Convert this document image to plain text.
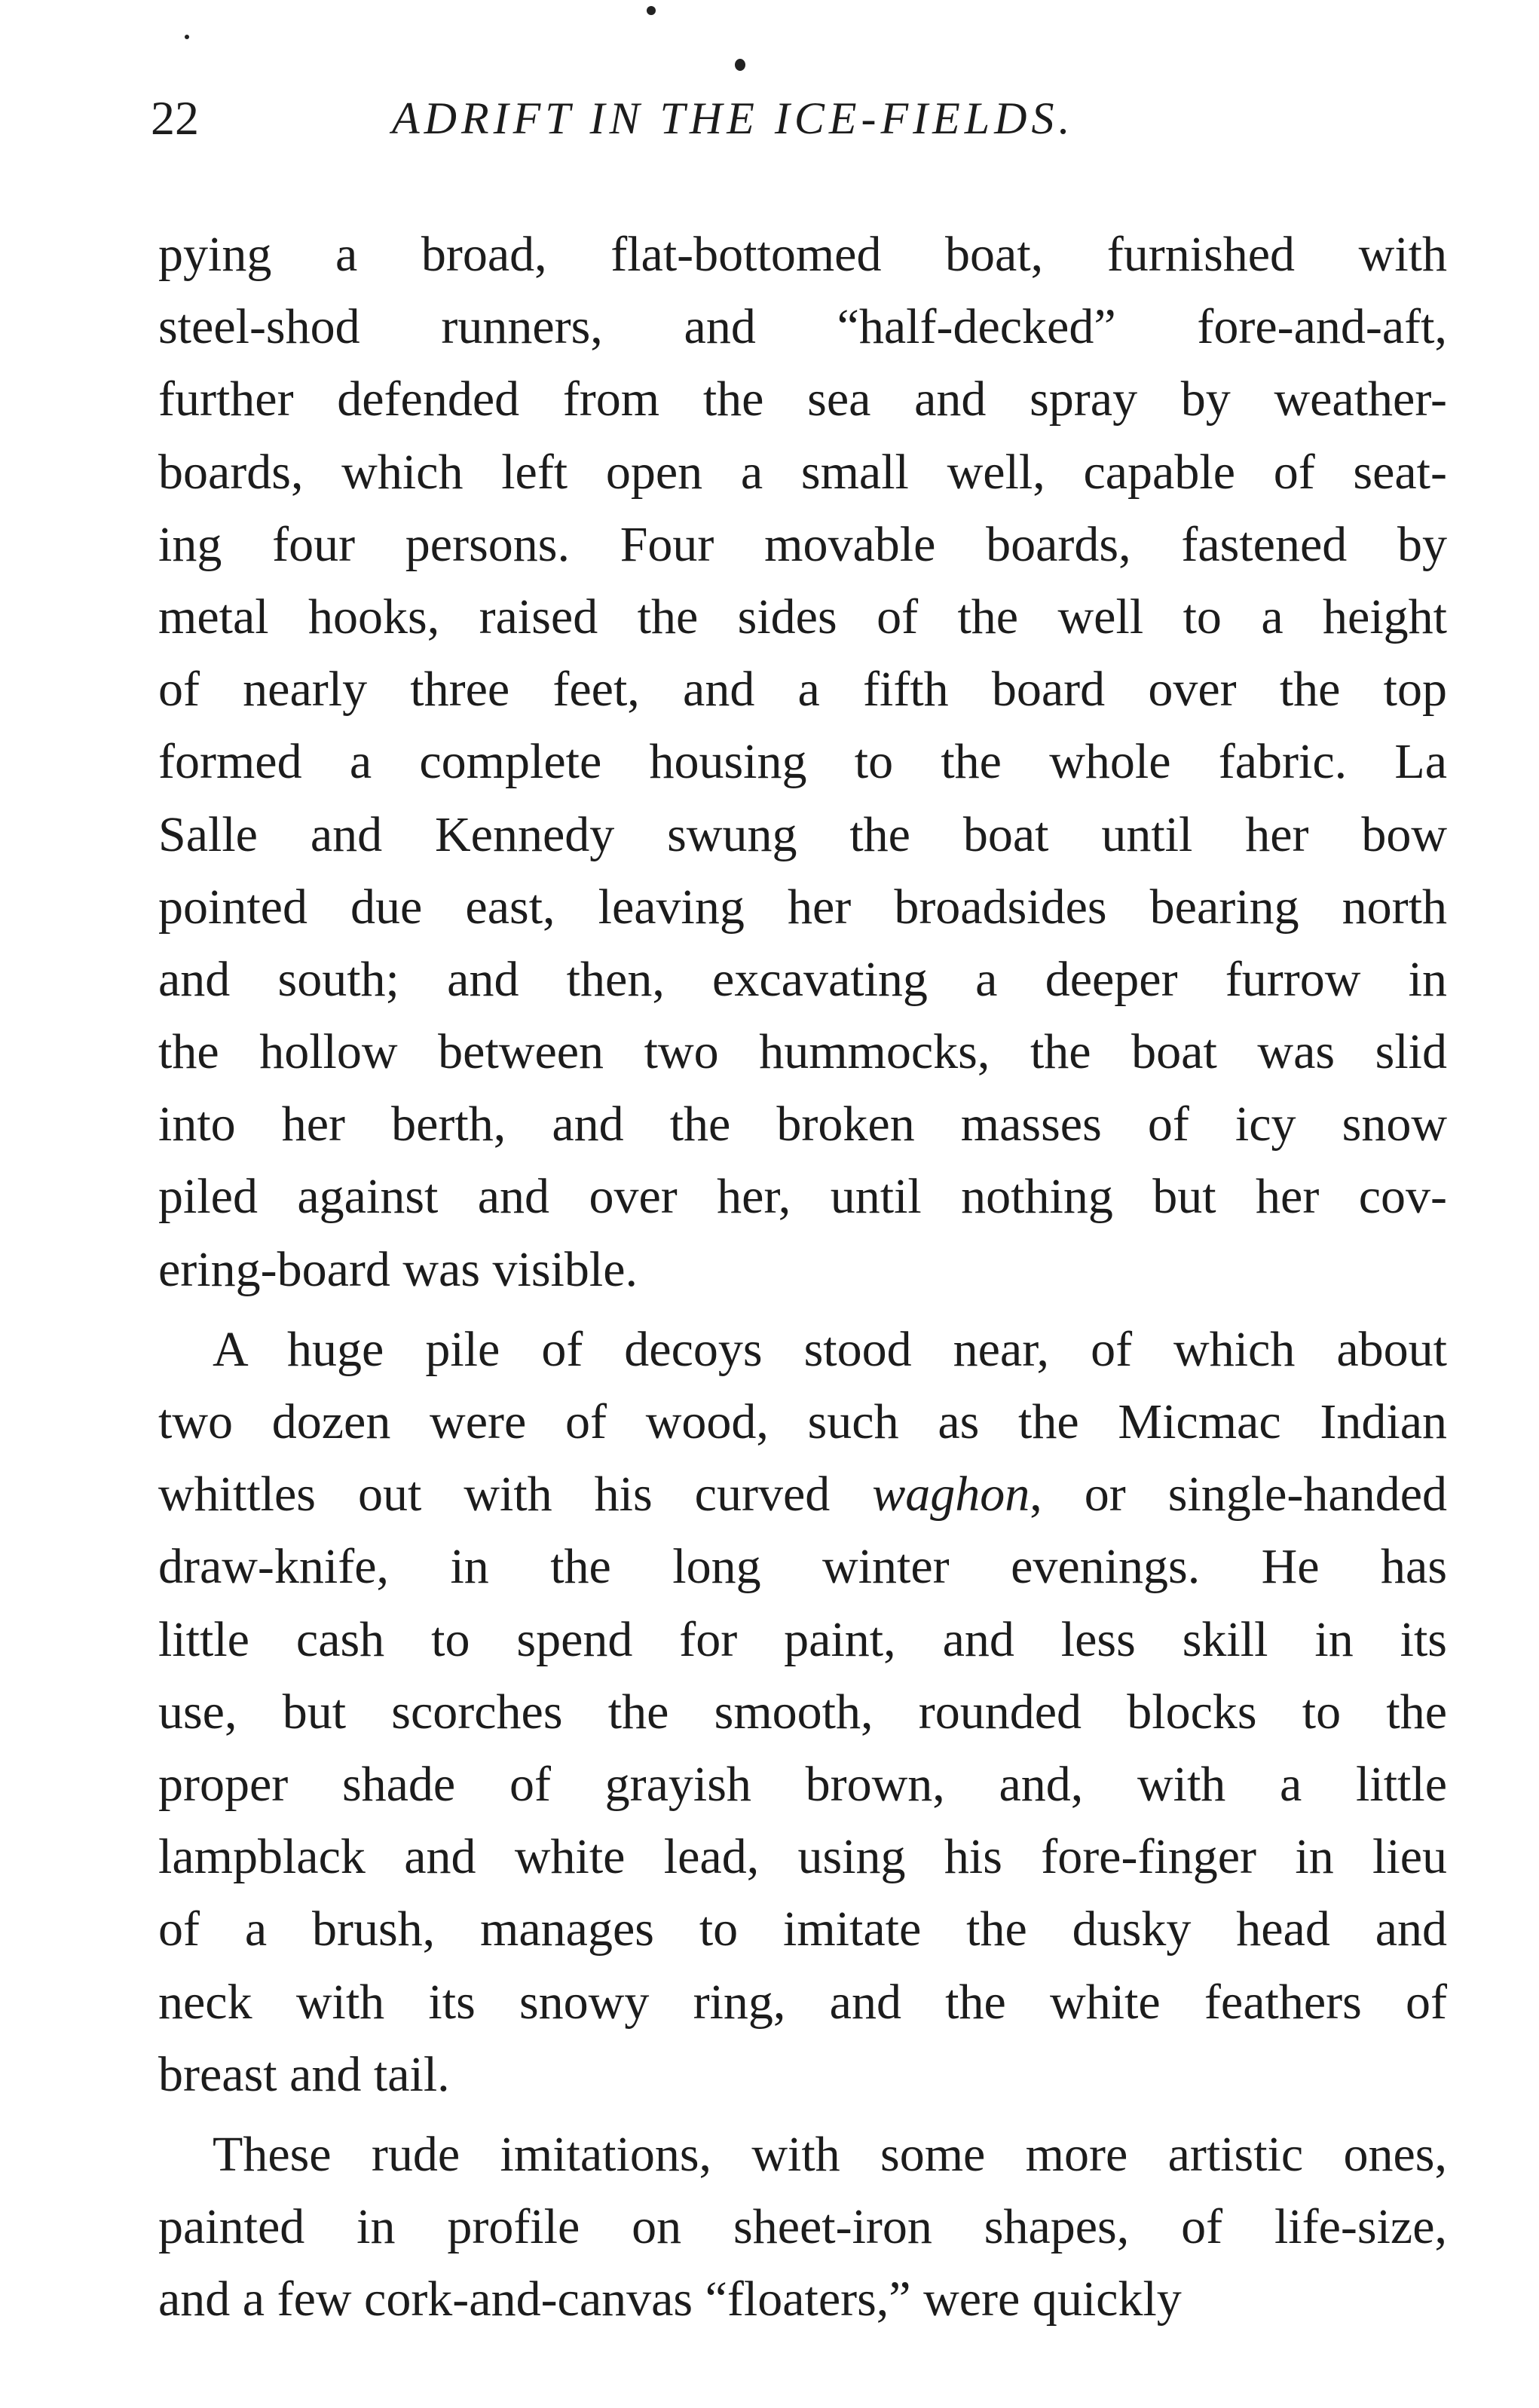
22	ADRIFT IN THE ICE-FIELDS.
pying a broad, flat-bottomed boat, furnished with
steel-shod runners, and “half-decked” fore-and-aft,
further defended from the sea and spray by weather-
boards, which left open a small well, capable of seat-
ing four persons. Four movable boards, fastened by
metal hooks, raised the sides of the well to a height
of nearly three feet, and a fifth board over the top
formed a complete housing to the whole fabric. La
Salle and Kennedy swung the boat until her bow
pointed due east, leaving her broadsides bearing north
and south; and then, excavating a deeper furrow in
the hollow between two hummocks, the boat was slid
into her berth, and the broken masses of icy snow
piled against and over her, until nothing but her cov-
ering-board was visible.
A huge pile of decoys stood near, of which about
two dozen were of wood, such as the Micmac Indian
whittles out with his curved waghon, or single-handed
draw-knife, in the long winter evenings. He has
little cash to spend for paint, and less skill in its
use, but scorches the smooth, rounded blocks to the
proper shade of grayish brown, and, with a little
lampblack and white lead, using his fore-finger in lieu
of a brush, manages to imitate the dusky head and
neck with its snowy ring, and the white feathers of
breast and tail.
These rude imitations, with some more artistic ones,
painted in profile on sheet-iron shapes, of life-size,
and a few cork-and-canvas “floaters,” were quickly
